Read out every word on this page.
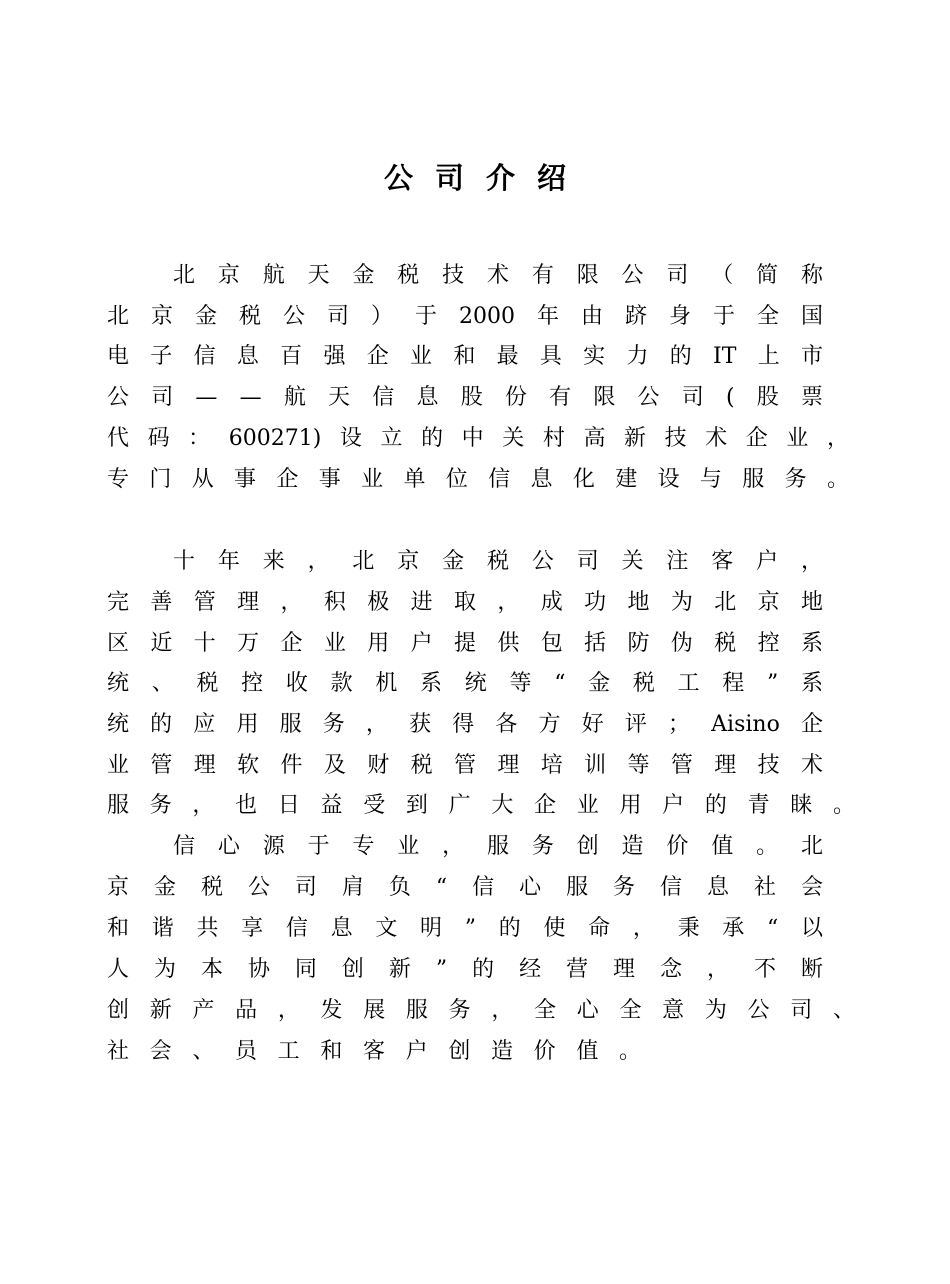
公司介绍
北 京 航 天 金 税 技 术 有 限 公 司 （ 简 称
北 京 金 税 公 司 ） 于 2000 年 由 跻 身 于 全 国
电 子 信 息 百 强 企 业 和 最 具 实 力 的 IT 上 市
公 司 — — 航 天 信 息 股 份 有 限 公 司 ( 股 票
代 码 ： 600271) 设 立 的 中 关 村 高 新 技 术 企 业 ，
专 门 从 事 企 事 业 单 位 信 息 化 建 设 与 服 务 。
十 年 来 ， 北 京 金 税 公 司 关 注 客 户 ，
完 善 管 理 ， 积 极 进 取 ， 成 功 地 为 北 京 地
区 近 十 万 企 业 用 户 提 供 包 括 防 伪 税 控 系
统 、 税 控 收 款 机 系 统 等 “ 金 税 工 程 ” 系
统 的 应 用 服 务 ， 获 得 各 方 好 评 ； Aisino 企
业 管 理 软 件 及 财 税 管 理 培 训 等 管 理 技 术
服 务 ， 也 日 益 受 到 广 大 企 业 用 户 的 青 睐 。
信 心 源 于 专 业 ， 服 务 创 造 价 值 。 北
京 金 税 公 司 肩 负 “ 信 心 服 务 信 息 社 会
和 谐 共 享 信 息 文 明 ” 的 使 命 ， 秉 承 “ 以
人 为 本 协 同 创 新 ” 的 经 营 理 念 ， 不 断
创 新 产 品 ， 发 展 服 务 ， 全 心 全 意 为 公 司 、
社 会 、 员 工 和 客 户 创 造 价 值 。
